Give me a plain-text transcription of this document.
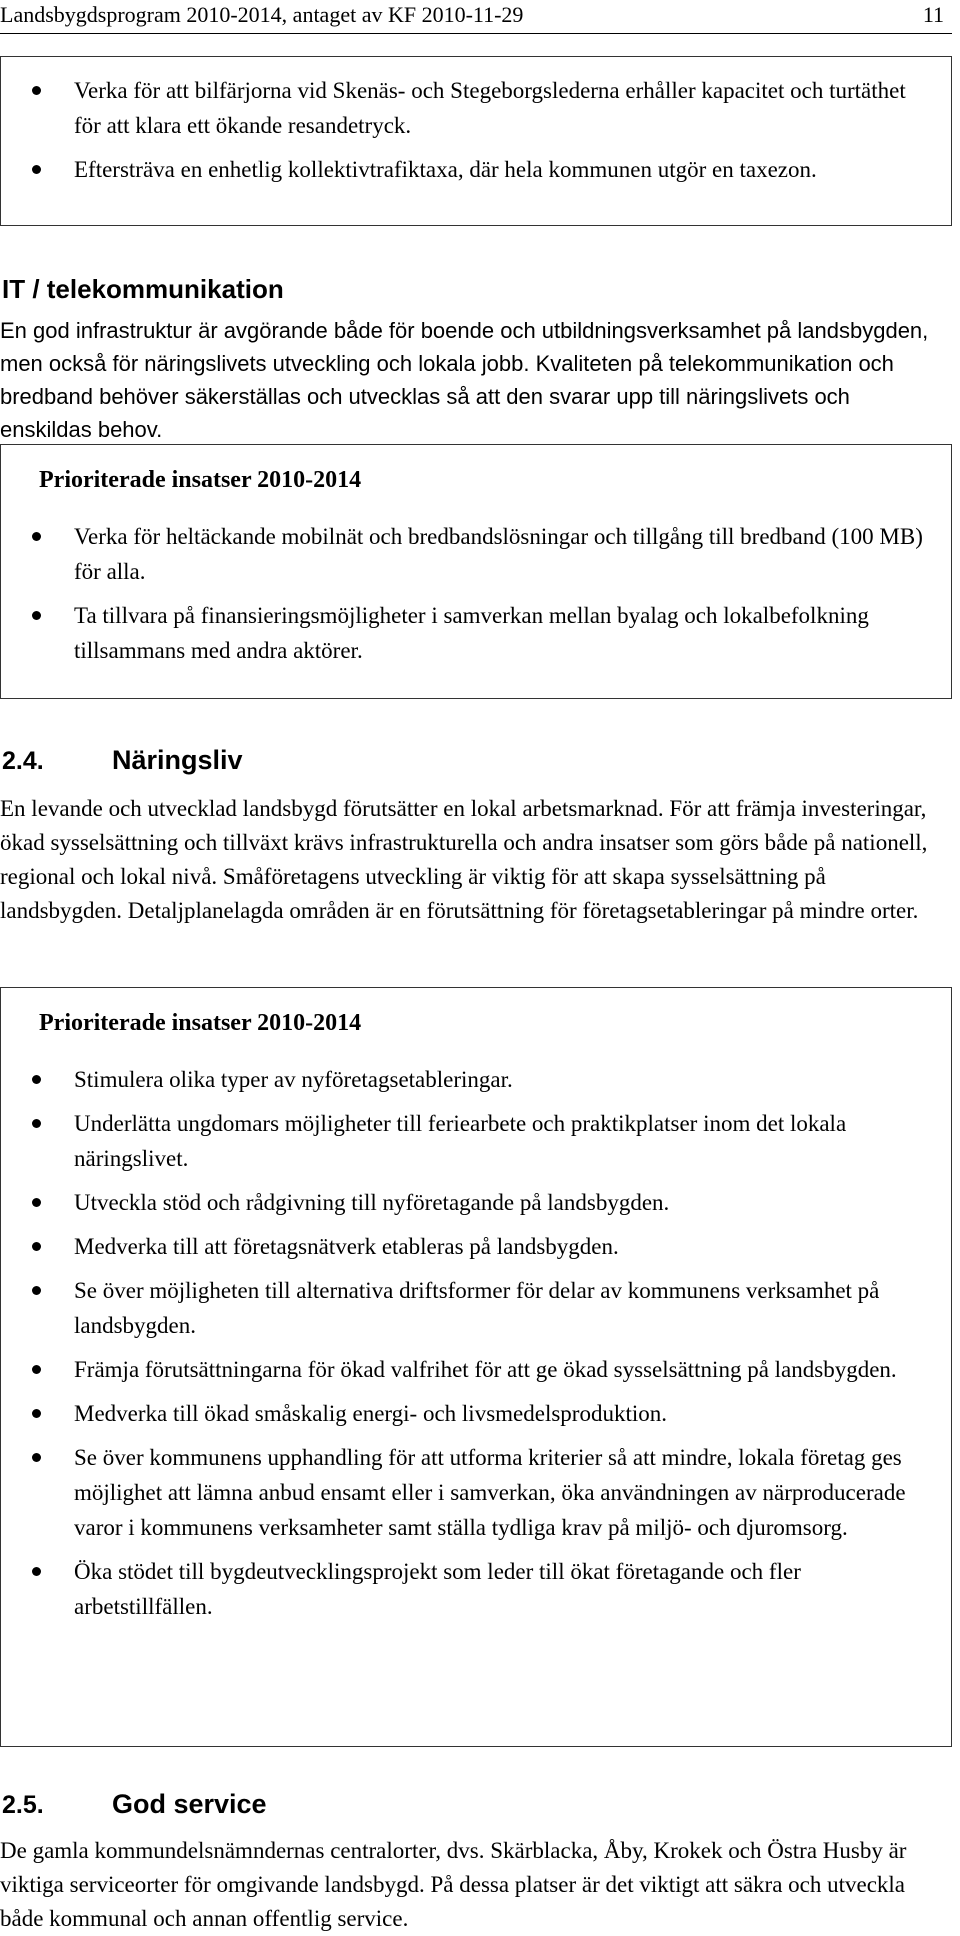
Landsbygdsprogram 2010-2014, antaget av KF 2010-11-29	11
Verka för att bilfärjorna vid Skenäs- och Stegeborgslederna erhåller kapacitet och turtäthet för att klara ett ökande resandetryck.
Eftersträva en enhetlig kollektivtrafiktaxa, där hela kommunen utgör en taxezon.
IT / telekommunikation

En god infrastruktur är avgörande både för boende och utbildningsverksamhet på landsbygden, men också för näringslivets utveckling och lokala jobb. Kvaliteten på telekommunikation och bredband behöver säkerställas och utvecklas så att den svarar upp till näringslivets och enskildas behov.

Prioriterade insatser 2010-2014
Verka för heltäckande mobilnät och bredbandslösningar och tillgång till bredband (100 MB) för alla.
Ta tillvara på finansieringsmöjligheter i samverkan mellan byalag och lokalbefolkning tillsammans med andra aktörer.
2.4.	Näringsliv

En levande och utvecklad landsbygd förutsätter en lokal arbetsmarknad. För att främja investeringar, ökad sysselsättning och tillväxt krävs infrastrukturella och andra insatser som görs både på nationell, regional och lokal nivå. Småföretagens utveckling är viktig för att skapa sysselsättning på landsbygden. Detaljplanelagda områden är en förutsättning för företagsetableringar på mindre orter.

Prioriterade insatser 2010-2014
Stimulera olika typer av nyföretagsetableringar.
Underlätta ungdomars möjligheter till feriearbete och praktikplatser inom det lokala näringslivet.
Utveckla stöd och rådgivning till nyföretagande på landsbygden.
Medverka till att företagsnätverk etableras på landsbygden.
Se över möjligheten till alternativa driftsformer för delar av kommunens verksamhet på landsbygden.
Främja förutsättningarna för ökad valfrihet för att ge ökad sysselsättning på landsbygden.
Medverka till ökad småskalig energi- och livsmedelsproduktion.
Se över kommunens upphandling för att utforma kriterier så att mindre, lokala företag ges möjlighet att lämna anbud ensamt eller i samverkan, öka användningen av närproducerade varor i kommunens verksamheter samt ställa tydliga krav på miljö- och djuromsorg.
Öka stödet till bygdeutvecklingsprojekt som leder till ökat företagande och fler arbetstillfällen.
2.5.	God service

De gamla kommundelsnämndernas centralorter, dvs. Skärblacka, Åby, Krokek och Östra Husby är viktiga serviceorter för omgivande landsbygd. På dessa platser är det viktigt att säkra och utveckla både kommunal och annan offentlig service.
